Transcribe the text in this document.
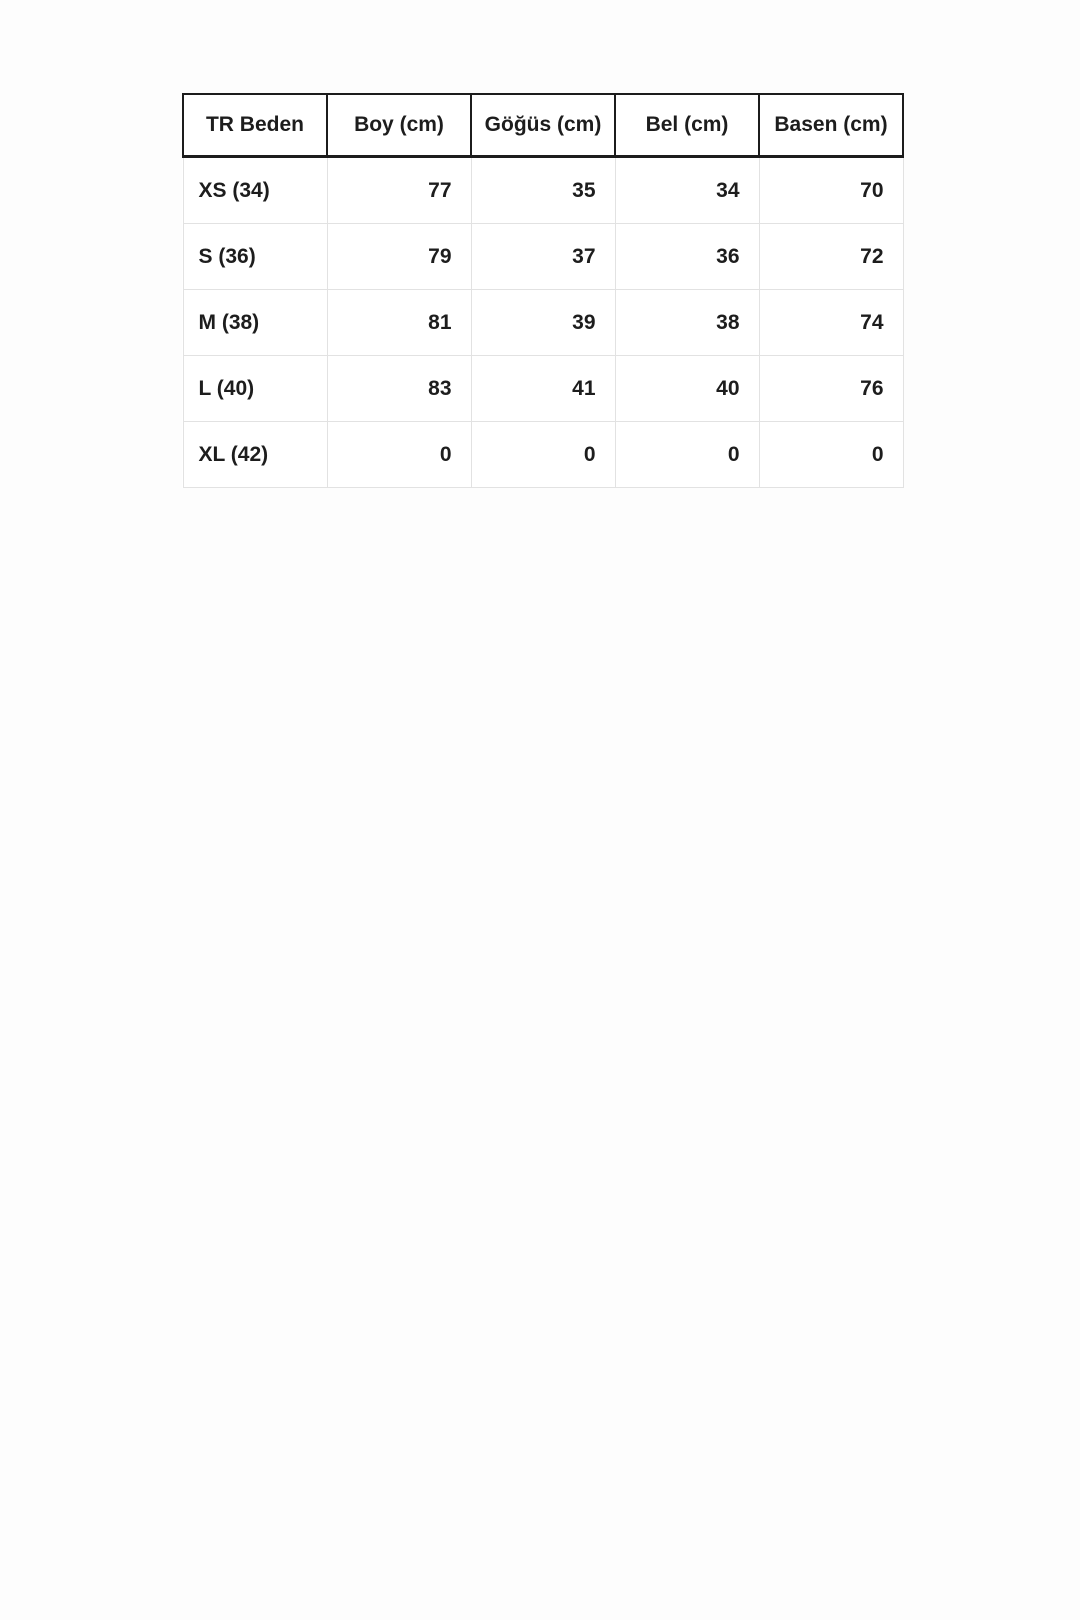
TR Beden	Boy (cm)	Göğüs (cm)	Bel (cm)	Basen (cm)
XS (34)	77	35	34	70
S (36)	79	37	36	72
M (38)	81	39	38	74
L (40)	83	41	40	76
XL (42)	0	0	0	0
